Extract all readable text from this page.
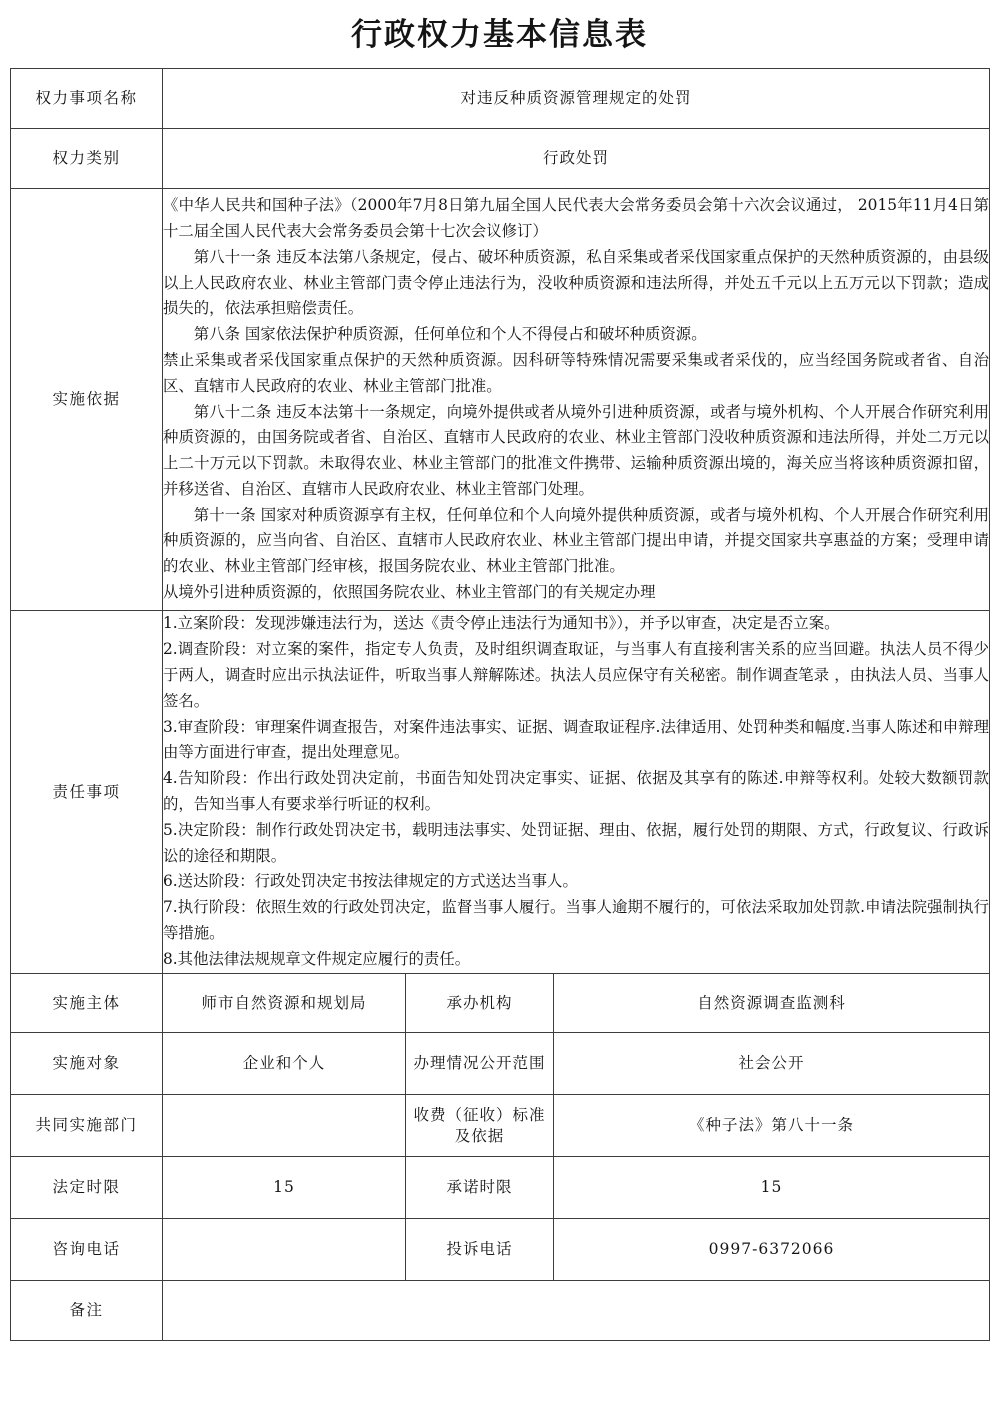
行政权力基本信息表
权力事项名称	对违反种质资源管理规定的处罚		
权力类别	行政处罚		
实施依据	

《中华人民共和国种子法》（2000年7月8日第九届全国人民代表大会常务委员会第十六次会议通过， 2015年11月4日第十二届全国人民代表大会常务委员会第十七次会议修订）

第八十一条 违反本法第八条规定，侵占、破坏种质资源，私自采集或者采伐国家重点保护的天然种质资源的，由县级以上人民政府农业、林业主管部门责令停止违法行为，没收种质资源和违法所得，并处五千元以上五万元以下罚款；造成损失的，依法承担赔偿责任。

第八条 国家依法保护种质资源，任何单位和个人不得侵占和破坏种质资源。

禁止采集或者采伐国家重点保护的天然种质资源。因科研等特殊情况需要采集或者采伐的，应当经国务院或者省、自治区、直辖市人民政府的农业、林业主管部门批准。

第八十二条 违反本法第十一条规定，向境外提供或者从境外引进种质资源，或者与境外机构、个人开展合作研究利用种质资源的，由国务院或者省、自治区、直辖市人民政府的农业、林业主管部门没收种质资源和违法所得，并处二万元以上二十万元以下罚款。未取得农业、林业主管部门的批准文件携带、运输种质资源出境的，海关应当将该种质资源扣留，并移送省、自治区、直辖市人民政府农业、林业主管部门处理。

第十一条 国家对种质资源享有主权，任何单位和个人向境外提供种质资源，或者与境外机构、个人开展合作研究利用种质资源的，应当向省、自治区、直辖市人民政府农业、林业主管部门提出申请，并提交国家共享惠益的方案；受理申请的农业、林业主管部门经审核，报国务院农业、林业主管部门批准。

从境外引进种质资源的，依照国务院农业、林业主管部门的有关规定办理

责任事项	

1.立案阶段：发现涉嫌违法行为，送达《责令停止违法行为通知书》），并予以审查，决定是否立案。

2.调查阶段：对立案的案件，指定专人负责，及时组织调查取证，与当事人有直接利害关系的应当回避。执法人员不得少于两人，调查时应出示执法证件，听取当事人辩解陈述。执法人员应保守有关秘密。制作调查笔录 ，由执法人员、当事人签名。

3.审查阶段：审理案件调查报告，对案件违法事实、证据、调查取证程序.法律适用、处罚种类和幅度.当事人陈述和申辩理由等方面进行审查，提出处理意见。

4.告知阶段：作出行政处罚决定前，书面告知处罚决定事实、证据、依据及其享有的陈述.申辩等权利。处较大数额罚款的，告知当事人有要求举行听证的权利。

5.决定阶段：制作行政处罚决定书，载明违法事实、处罚证据、理由、依据，履行处罚的期限、方式，行政复议、行政诉讼的途径和期限。

6.送达阶段：行政处罚决定书按法律规定的方式送达当事人。

7.执行阶段：依照生效的行政处罚决定，监督当事人履行。当事人逾期不履行的，可依法采取加处罚款.申请法院强制执行等措施。

8.其他法律法规规章文件规定应履行的责任。

实施主体	师市自然资源和规划局	承办机构	自然资源调查监测科
实施对象	企业和个人	办理情况公开范围	社会公开
共同实施部门		收费（征收）标准及依据	《种子法》第八十一条
法定时限	15	承诺时限	15
咨询电话		投诉电话	0997-6372066
备注			
